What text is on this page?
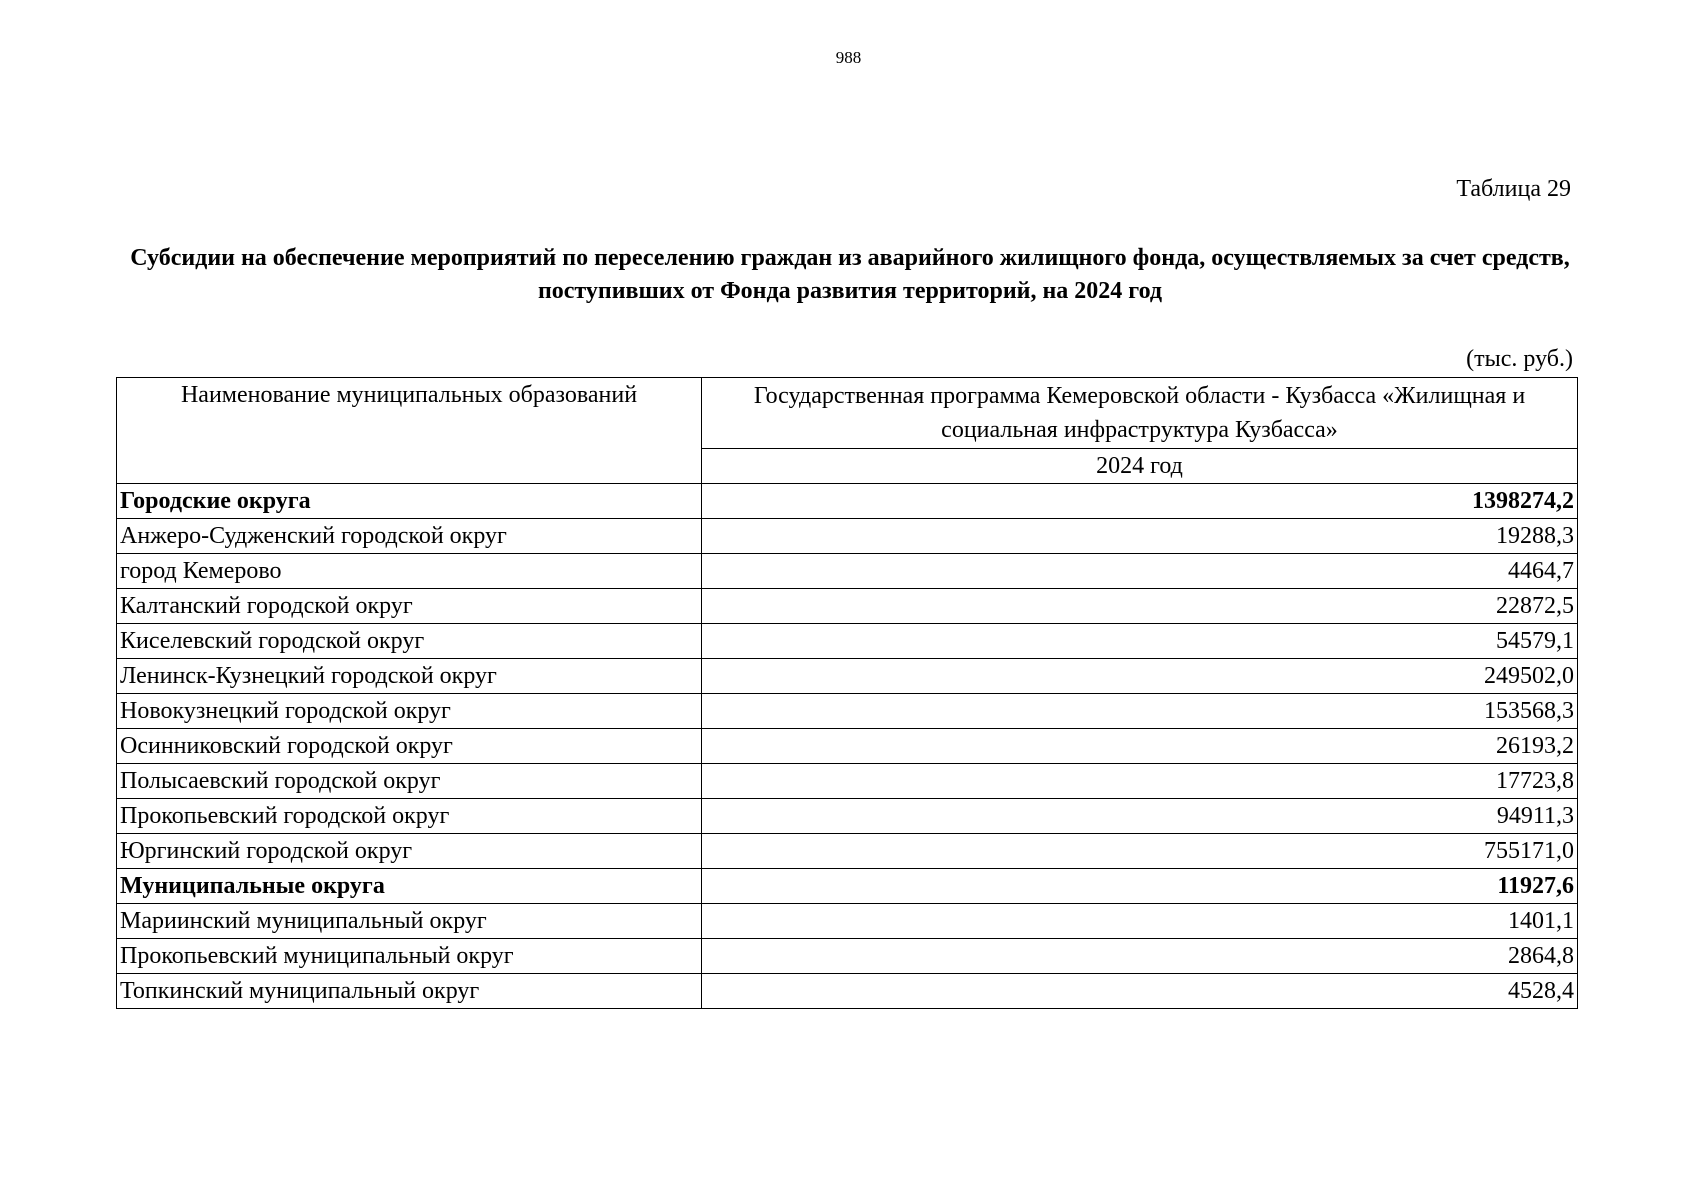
988
Таблица 29
Субсидии на обеспечение мероприятий по переселению граждан из аварийного жилищного фонда, осуществляемых за счет средств, поступивших от Фонда развития территорий, на 2024 год
(тыс. руб.)
Наименование муниципальных образований	Государственная программа Кемеровской области - Кузбасса «Жилищная и социальная инфраструктура Кузбасса»
	2024 год
Городские округа	1398274,2
Анжеро-Судженский городской округ	19288,3
город Кемерово	4464,7
Калтанский городской округ	22872,5
Киселевский городской округ	54579,1
Ленинск-Кузнецкий городской округ	249502,0
Новокузнецкий городской округ	153568,3
Осинниковский городской округ	26193,2
Полысаевский городской округ	17723,8
Прокопьевский городской округ	94911,3
Юргинский городской округ	755171,0
Муниципальные округа	11927,6
Мариинский муниципальный округ	1401,1
Прокопьевский муниципальный округ	2864,8
Топкинский муниципальный округ	4528,4
